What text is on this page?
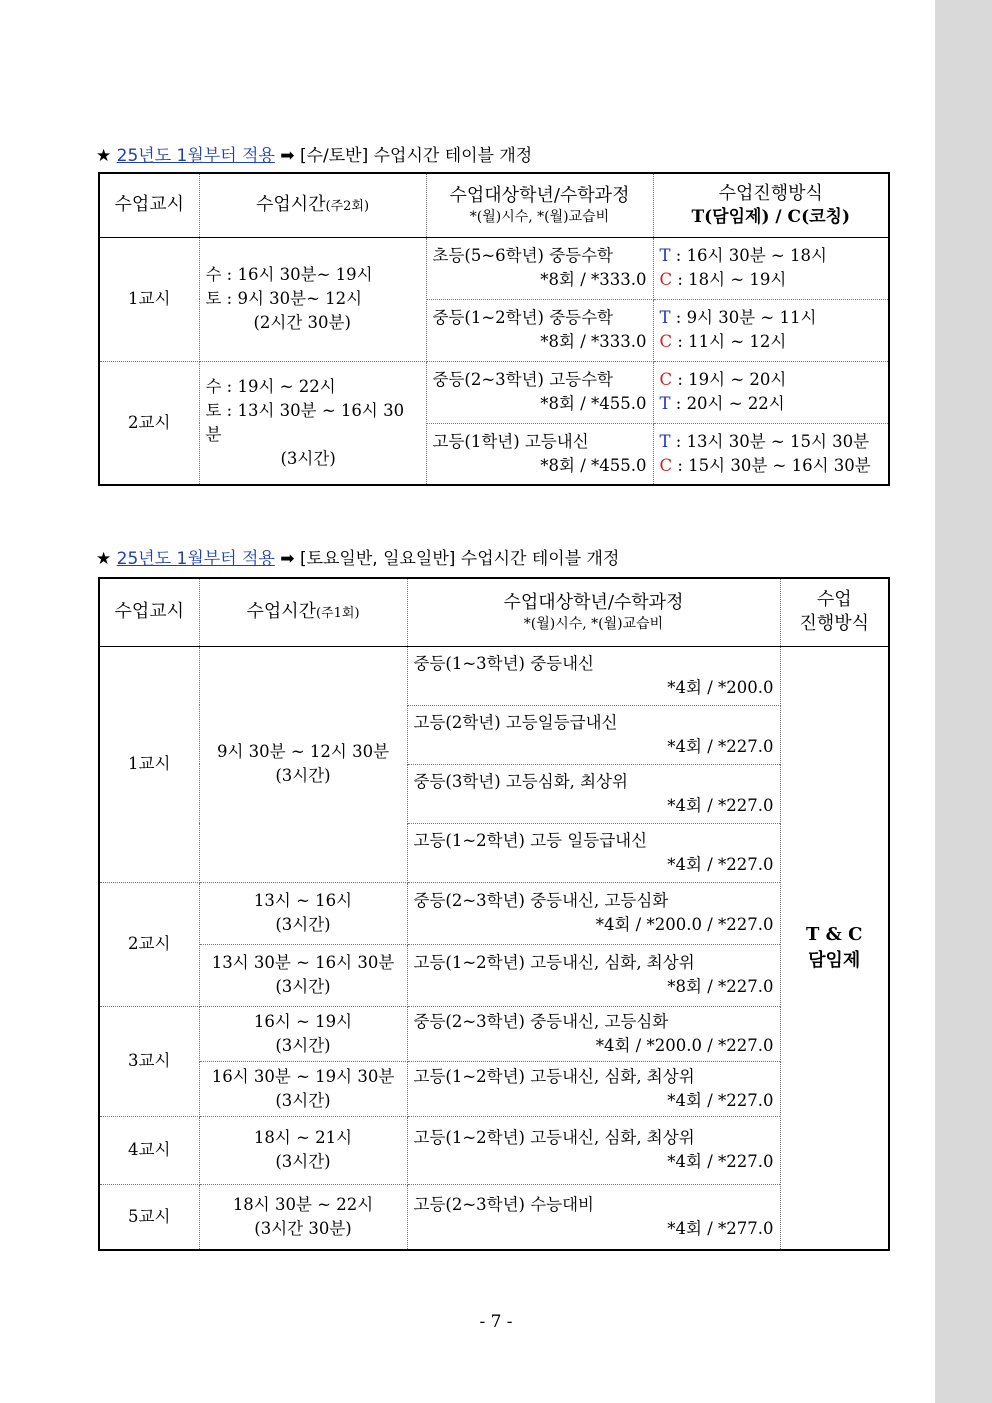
★ 25년도 1월부터 적용 ➡ [수/토반] 수업시간 테이블 개정
수업교시	수업시간(주2회)	수업대상학년/수학과정
*(월)시수, *(월)교습비	수업진행방식
T(담임제) / C(코칭)

1교시	수 : 16시 30분~ 19시
토 : 9시 30분~ 12시
(2시간 30분)	초등(5~6학년) 중등수학
*8회 / *333.0	T : 16시 30분 ~ 18시
C : 18시 ~ 19시

		중등(1~2학년) 중등수학
*8회 / *333.0	T : 9시 30분 ~ 11시
C : 11시 ~ 12시

2교시	수 : 19시 ~ 22시
토 : 13시 30분 ~ 16시 30분
(3시간)	중등(2~3학년) 고등수학
*8회 / *455.0	C : 19시 ~ 20시
T : 20시 ~ 22시

		고등(1학년) 고등내신
*8회 / *455.0	T : 13시 30분 ~ 15시 30분
C : 15시 30분 ~ 16시 30분
★ 25년도 1월부터 적용 ➡ [토요일반, 일요일반] 수업시간 테이블 개정
수업교시	수업시간(주1회)	수업대상학년/수학과정
*(월)시수, *(월)교습비	수업
진행방식

1교시	9시 30분 ~ 12시 30분
(3시간)	중등(1~3학년) 중등내신
*4회 / *200.0	T & C
담임제

		고등(2학년) 고등일등급내신
*4회 / *227.0	

		중등(3학년) 고등심화, 최상위
*4회 / *227.0	

		고등(1~2학년) 고등 일등급내신
*4회 / *227.0	

2교시	13시 ~ 16시
(3시간)	중등(2~3학년) 중등내신, 고등심화
*4회 / *200.0 / *227.0	

	13시 30분 ~ 16시 30분
(3시간)	고등(1~2학년) 고등내신, 심화, 최상위
*8회 / *227.0	

3교시	16시 ~ 19시
(3시간)	중등(2~3학년) 중등내신, 고등심화
*4회 / *200.0 / *227.0	

	16시 30분 ~ 19시 30분
(3시간)	고등(1~2학년) 고등내신, 심화, 최상위
*4회 / *227.0	

4교시	18시 ~ 21시
(3시간)	고등(1~2학년) 고등내신, 심화, 최상위
*4회 / *227.0	

5교시	18시 30분 ~ 22시
(3시간 30분)	고등(2~3학년) 수능대비
*4회 / *277.0	
- 7 -
